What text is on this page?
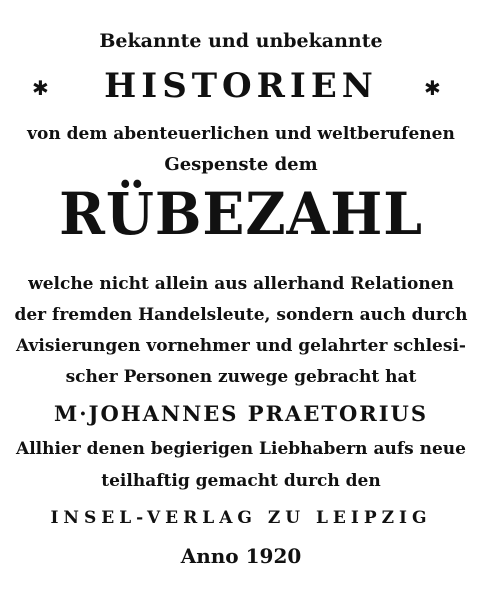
Bekannte und unbekannte
✱	HISTORIEN	✱
von dem abenteuerlichen und weltberufenen
Gespenste dem
RÜBEZAHL
welche nicht allein aus allerhand Relationen
der fremden Handelsleute, sondern auch durch
Avisierungen vornehmer und gelahrter schlesi-
scher Personen zuwege gebracht hat
M·JOHANNES PRAETORIUS
Allhier denen begierigen Liebhabern aufs neue
teilhaftig gemacht durch den
INSEL-VERLAG ZU LEIPZIG
Anno 1920
